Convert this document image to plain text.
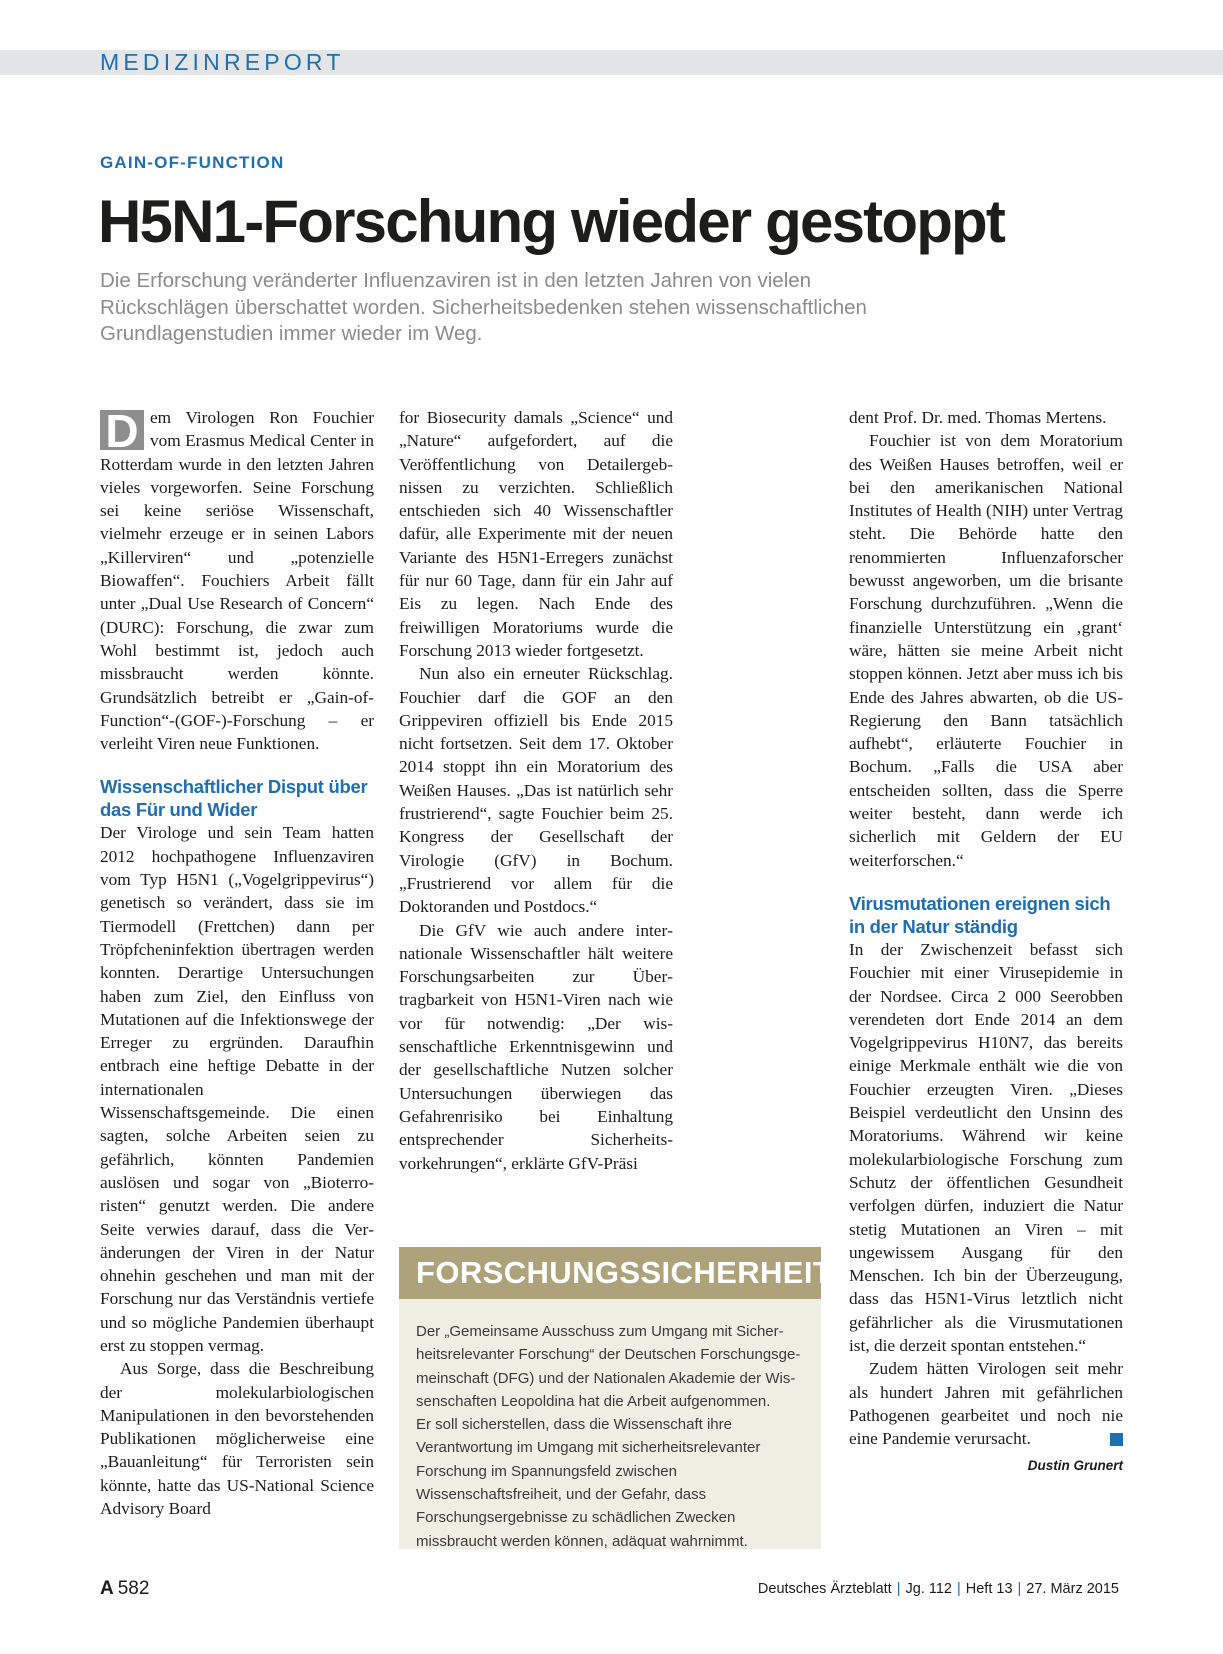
MEDIZINREPORT
GAIN-OF-FUNCTION
H5N1-Forschung wieder gestoppt
Die Erforschung veränderter Influenzaviren ist in den letzten Jahren von vielen Rückschlägen überschattet worden. Sicherheitsbedenken stehen wissenschaftlichen Grundlagenstudien immer wieder im Weg.

D em Virologen Ron Fouchier vom Erasmus Medical Center in Rotterdam wurde in den letzten Jahren vieles vorgeworfen. Seine Forschung sei keine seriöse Wissenschaft, vielmehr erzeuge er in seinen Labors „Killerviren“ und „potenzielle Biowaffen“. Fouchiers Arbeit fällt unter „Dual Use Research of Concern“ (DURC): Forschung, die zwar zum Wohl bestimmt ist, jedoch auch missbraucht werden könnte. Grundsätzlich betreibt er „Gain-of-Function“-(GOF-)-Forschung – er verleiht Viren neue Funktionen.

Wissenschaftlicher Disput über das Für und Wider

Der Virologe und sein Team hatten 2012 hochpathogene Influenzaviren vom Typ H5N1 („Vogelgrippevirus“) genetisch so verändert, dass sie im Tiermodell (Frettchen) dann per Tröpfcheninfektion übertragen werden konnten. Derartige Untersuchungen haben zum Ziel, den Einfluss von Mutationen auf die Infektionswege der Erreger zu ergründen. Daraufhin entbrach eine heftige Debatte in der internationalen Wissenschaftsgemeinde. Die einen sagten, solche Arbeiten seien zu gefährlich, könnten Pandemien auslösen und sogar von „Bioterroristen“ genutzt werden. Die andere Seite verwies darauf, dass die Veränderungen der Viren in der Natur ohnehin geschehen und man mit der Forschung nur das Verständnis vertiefe und so mögliche Pandemien überhaupt erst zu stoppen vermag.

Aus Sorge, dass die Beschreibung der molekularbiologischen Manipulationen in den bevorstehenden Publikationen möglicherweise eine „Bauanleitung“ für Terroristen sein könnte, hatte das US-National Science Advisory Board

for Biosecurity damals „Science“ und „Nature“ aufgefordert, auf die Veröffentlichung von Detailergebnissen zu verzichten. Schließlich entschieden sich 40 Wissenschaftler dafür, alle Experimente mit der neuen Variante des H5N1-Erregers zunächst für nur 60 Tage, dann für ein Jahr auf Eis zu legen. Nach Ende des freiwilligen Moratoriums wurde die Forschung 2013 wieder fortgesetzt.

Nun also ein erneuter Rückschlag. Fouchier darf die GOF an den Grippeviren offiziell bis Ende 2015 nicht fortsetzen. Seit dem 17. Oktober 2014 stoppt ihn ein Moratorium des Weißen Hauses. „Das ist natürlich sehr frustrierend“, sagte Fouchier beim 25. Kongress der Gesellschaft der Virologie (GfV) in Bochum. „Frustrierend vor allem für die Doktoranden und Postdocs.“

Die GfV wie auch andere internationale Wissenschaftler hält weitere Forschungsarbeiten zur Übertragbarkeit von H5N1-Viren nach wie vor für notwendig: „Der wissenschaftliche Erkenntnisgewinn und der gesellschaftliche Nutzen solcher Untersuchungen überwiegen das Gefahrenrisiko bei Einhaltung entsprechender Sicherheitsvorkehrungen“, erklärte GfV-Präsi

dent Prof. Dr. med. Thomas Mertens.

Fouchier ist von dem Moratorium des Weißen Hauses betroffen, weil er bei den amerikanischen National Institutes of Health (NIH) unter Vertrag steht. Die Behörde hatte den renommierten Influenzaforscher bewusst angeworben, um die brisante Forschung durchzuführen. „Wenn die finanzielle Unterstützung ein ‚grant‘ wäre, hätten sie meine Arbeit nicht stoppen können. Jetzt aber muss ich bis Ende des Jahres abwarten, ob die US-Regierung den Bann tatsächlich aufhebt“, erläuterte Fouchier in Bochum. „Falls die USA aber entscheiden sollten, dass die Sperre weiter besteht, dann werde ich sicherlich mit Geldern der EU weiterforschen.“

Virusmutationen ereignen sich in der Natur ständig

In der Zwischenzeit befasst sich Fouchier mit einer Virusepidemie in der Nordsee. Circa 2 000 Seerobben verendeten dort Ende 2014 an dem Vogelgrippevirus H10N7, das bereits einige Merkmale enthält wie die von Fouchier erzeugten Viren. „Dieses Beispiel verdeutlicht den Unsinn des Moratoriums. Während wir keine molekularbiologische Forschung zum Schutz der öffentlichen Gesundheit verfolgen dürfen, induziert die Natur stetig Mutationen an Viren – mit ungewissem Ausgang für den Menschen. Ich bin der Überzeugung, dass das H5N1-Virus letztlich nicht gefährlicher als die Virusmutationen ist, die derzeit spontan entstehen.“

Zudem hätten Virologen seit mehr als hundert Jahren mit gefährlichen Pathogenen gearbeitet und noch nie eine Pandemie verursacht.

Dustin Grunert
FORSCHUNGSSICHERHEIT

Der „Gemeinsame Ausschuss zum Umgang mit Sicherheitsrelevanter Forschung“ der Deutschen Forschungsgemeinschaft (DFG) und der Nationalen Akademie der Wissenschaften Leopoldina hat die Arbeit aufgenommen.

Er soll sicherstellen, dass die Wissenschaft ihre Verantwortung im Umgang mit sicherheitsrelevanter Forschung im Spannungsfeld zwischen Wissenschaftsfreiheit, und der Gefahr, dass Forschungsergebnisse zu schädlichen Zwecken missbraucht werden können, adäquat wahrnimmt.

A 582	Deutsches Ärzteblatt | Jg. 112 | Heft 13 | 27. März 2015
